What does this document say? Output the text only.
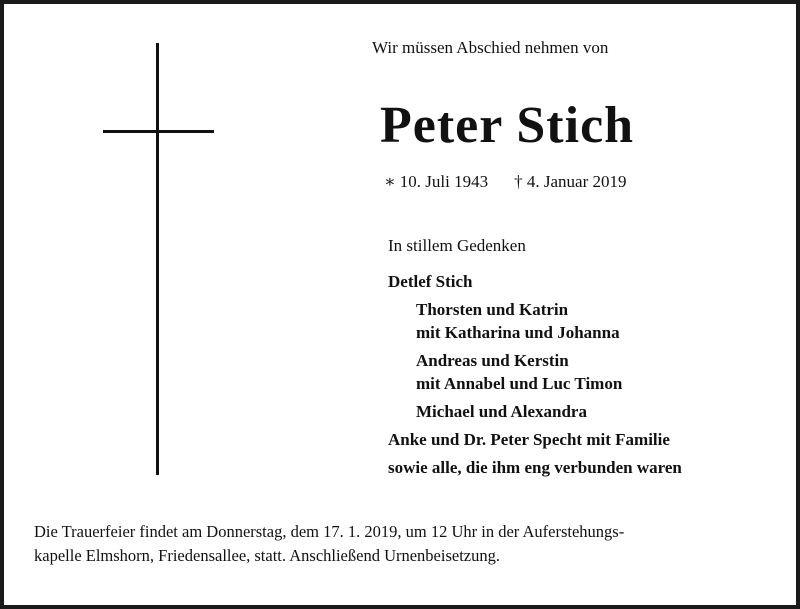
Wir müssen Abschied nehmen von
Peter Stich
∗ 10. Juli 1943 † 4. Januar 2019
In stillem Gedenken
Detlef Stich
Thorsten und Katrin
mit Katharina und Johanna
Andreas und Kerstin
mit Annabel und Luc Timon
Michael und Alexandra
Anke und Dr. Peter Specht mit Familie
sowie alle, die ihm eng verbunden waren
Die Trauerfeier findet am Donnerstag, dem 17. 1. 2019, um 12 Uhr in der Auferstehungs-
kapelle Elmshorn, Friedensallee, statt. Anschließend Urnenbeisetzung.
